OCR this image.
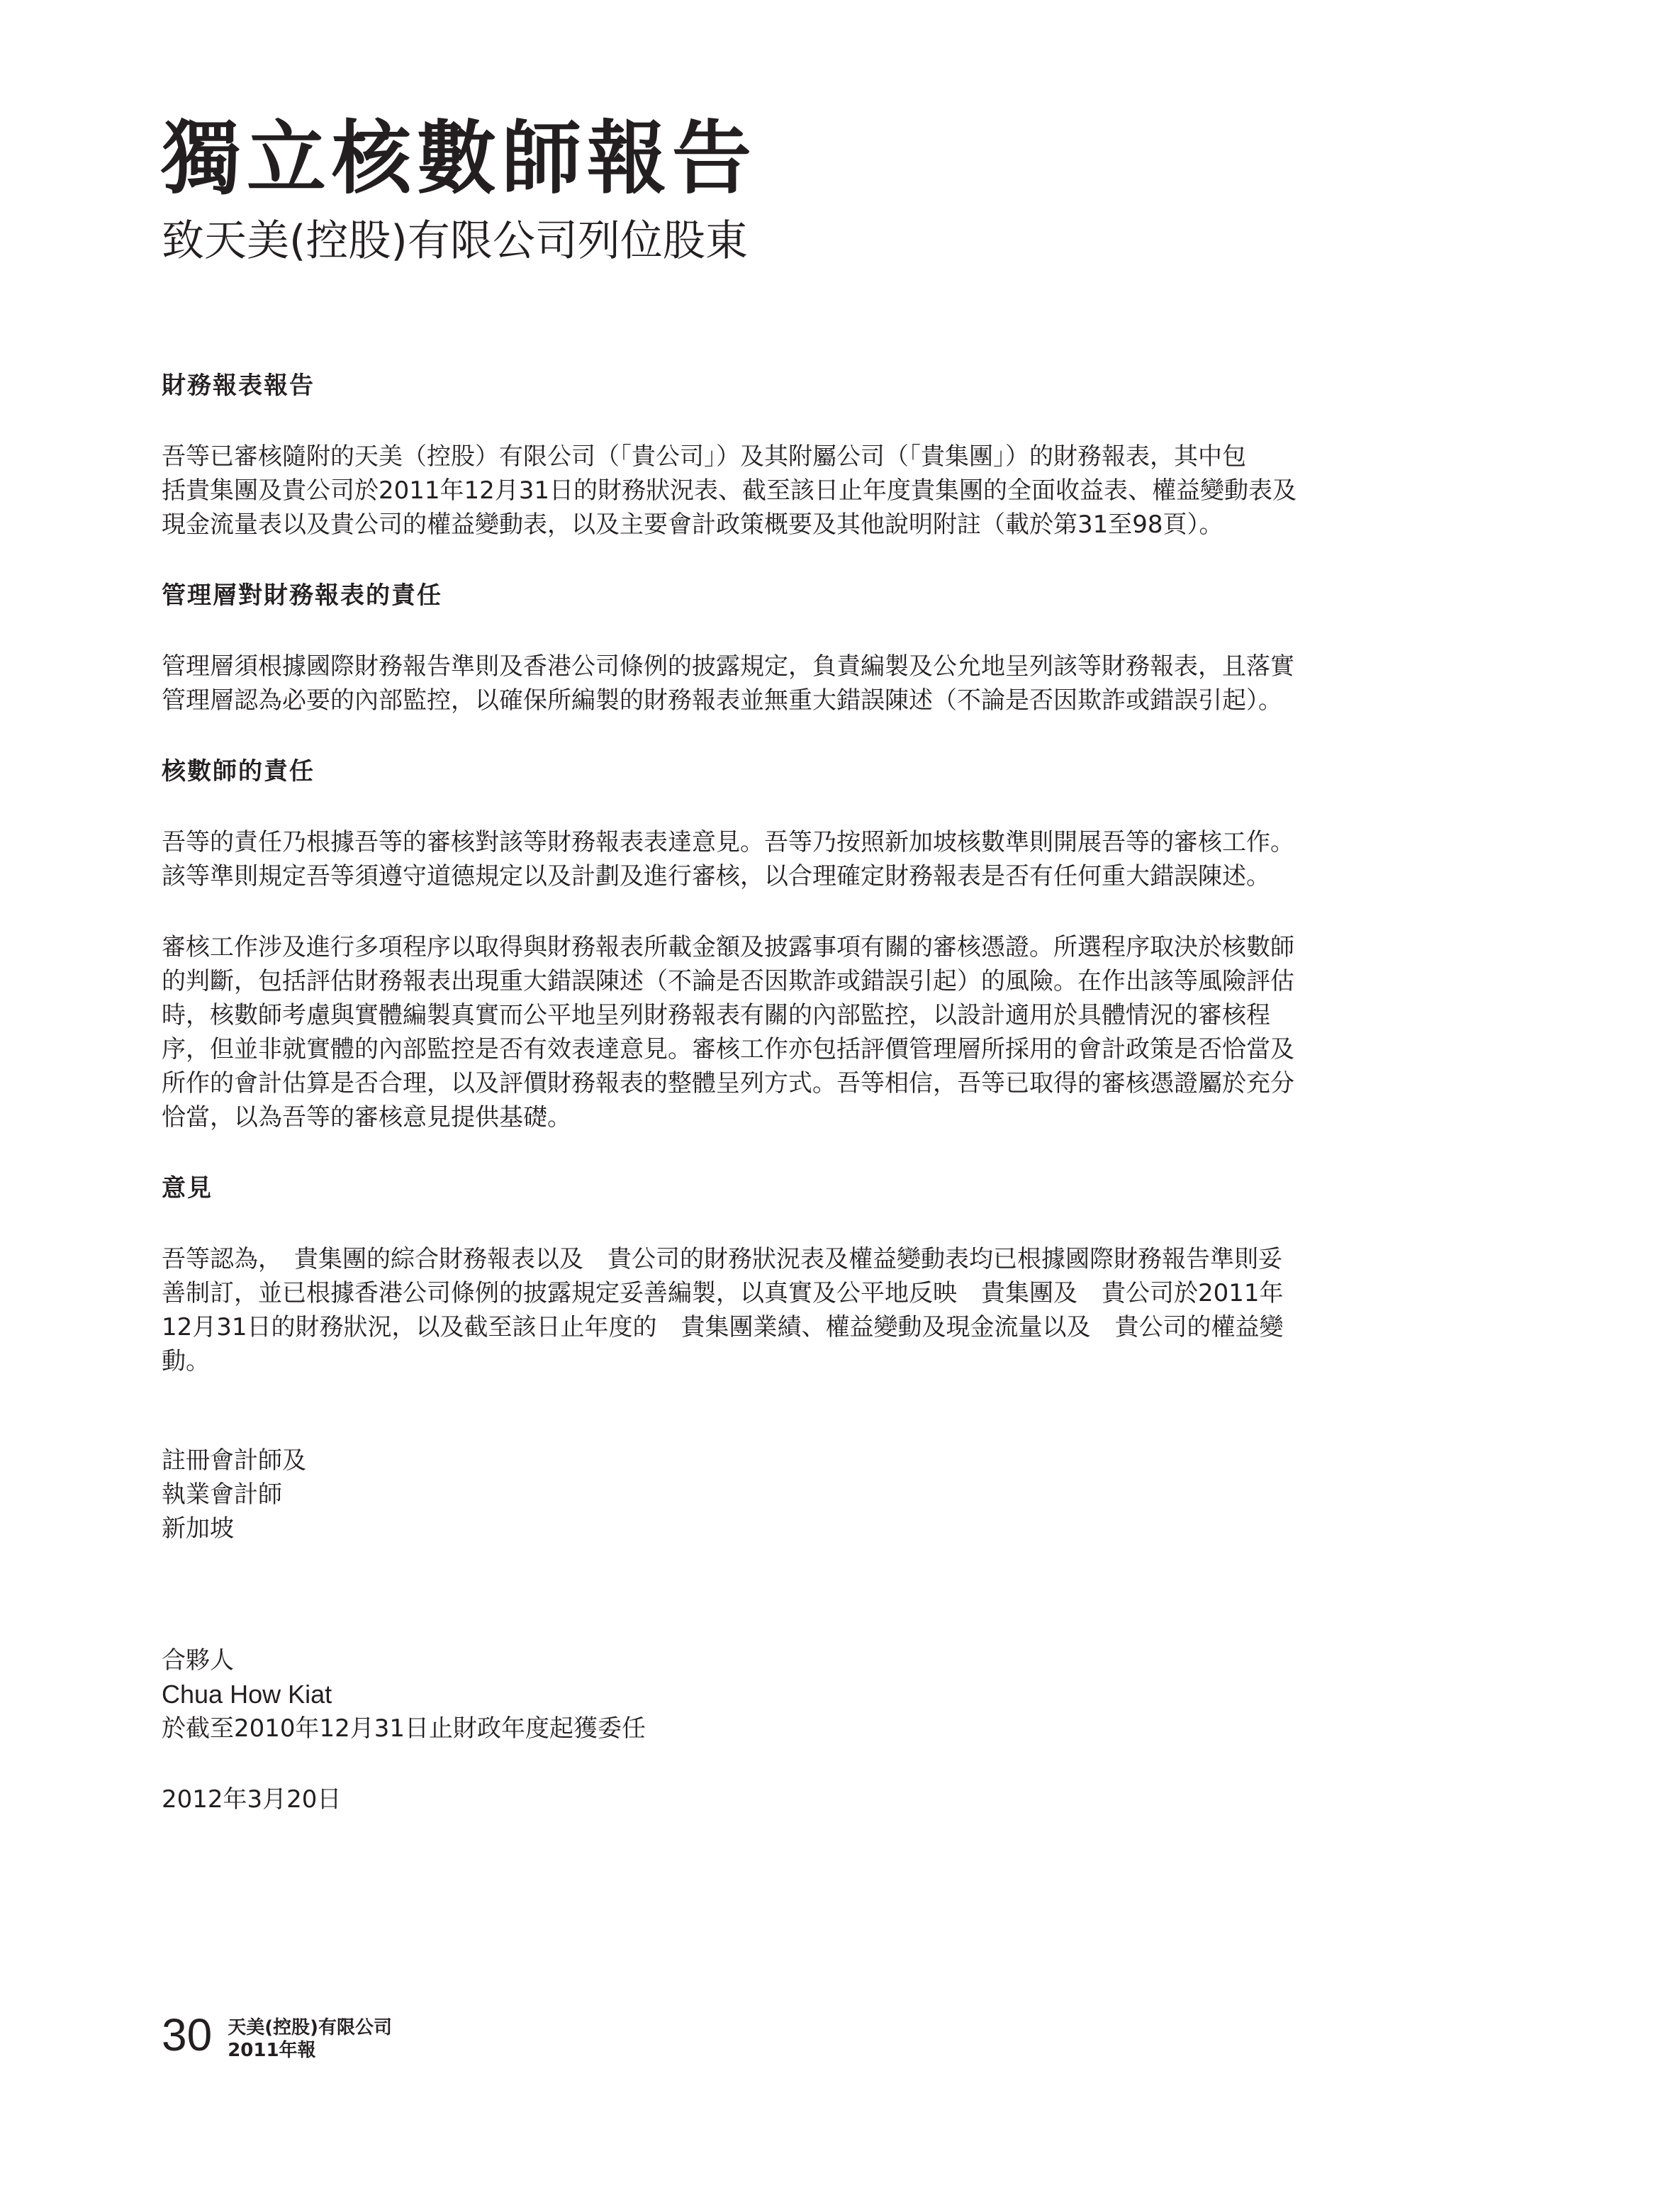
獨立核數師報告
致天美(控股)有限公司列位股東
財務報表報告

吾等已審核隨附的天美（控股）有限公司（「貴公司」）及其附屬公司（「貴集團」）的財務報表，其中包
括貴集團及貴公司於2011年12月31日的財務狀況表、截至該日止年度貴集團的全面收益表、權益變動表及
現金流量表以及貴公司的權益變動表，以及主要會計政策概要及其他說明附註（載於第31至98頁）。

管理層對財務報表的責任

管理層須根據國際財務報告準則及香港公司條例的披露規定，負責編製及公允地呈列該等財務報表，且落實
管理層認為必要的內部監控，以確保所編製的財務報表並無重大錯誤陳述（不論是否因欺詐或錯誤引起）。

核數師的責任

吾等的責任乃根據吾等的審核對該等財務報表表達意見。吾等乃按照新加坡核數準則開展吾等的審核工作。
該等準則規定吾等須遵守道德規定以及計劃及進行審核，以合理確定財務報表是否有任何重大錯誤陳述。

審核工作涉及進行多項程序以取得與財務報表所載金額及披露事項有關的審核憑證。所選程序取決於核數師
的判斷，包括評估財務報表出現重大錯誤陳述（不論是否因欺詐或錯誤引起）的風險。在作出該等風險評估
時，核數師考慮與實體編製真實而公平地呈列財務報表有關的內部監控，以設計適用於具體情況的審核程
序，但並非就實體的內部監控是否有效表達意見。審核工作亦包括評價管理層所採用的會計政策是否恰當及
所作的會計估算是否合理，以及評價財務報表的整體呈列方式。吾等相信，吾等已取得的審核憑證屬於充分
恰當，以為吾等的審核意見提供基礎。

意見

吾等認為，　貴集團的綜合財務報表以及　貴公司的財務狀況表及權益變動表均已根據國際財務報告準則妥
善制訂，並已根據香港公司條例的披露規定妥善編製，以真實及公平地反映　貴集團及　貴公司於2011年
12月31日的財務狀況，以及截至該日止年度的　貴集團業績、權益變動及現金流量以及　貴公司的權益變
動。

註冊會計師及
執業會計師
新加坡
合夥人
Chua How Kiat
於截至2010年12月31日止財政年度起獲委任
2012年3月20日
30 天美(控股)有限公司
2011年報
